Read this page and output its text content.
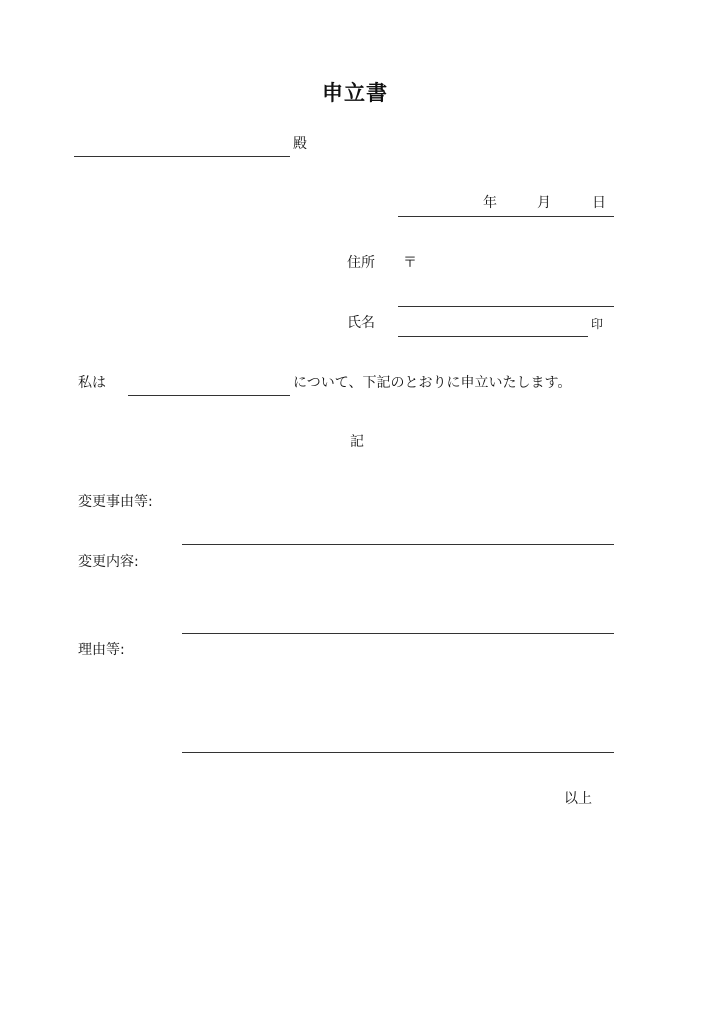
申立書
殿
年	月	日
住所 〒
氏名	印
私は	について、下記のとおりに申立いたします。
記
変更事由等:
変更内容:
理由等:
以上
